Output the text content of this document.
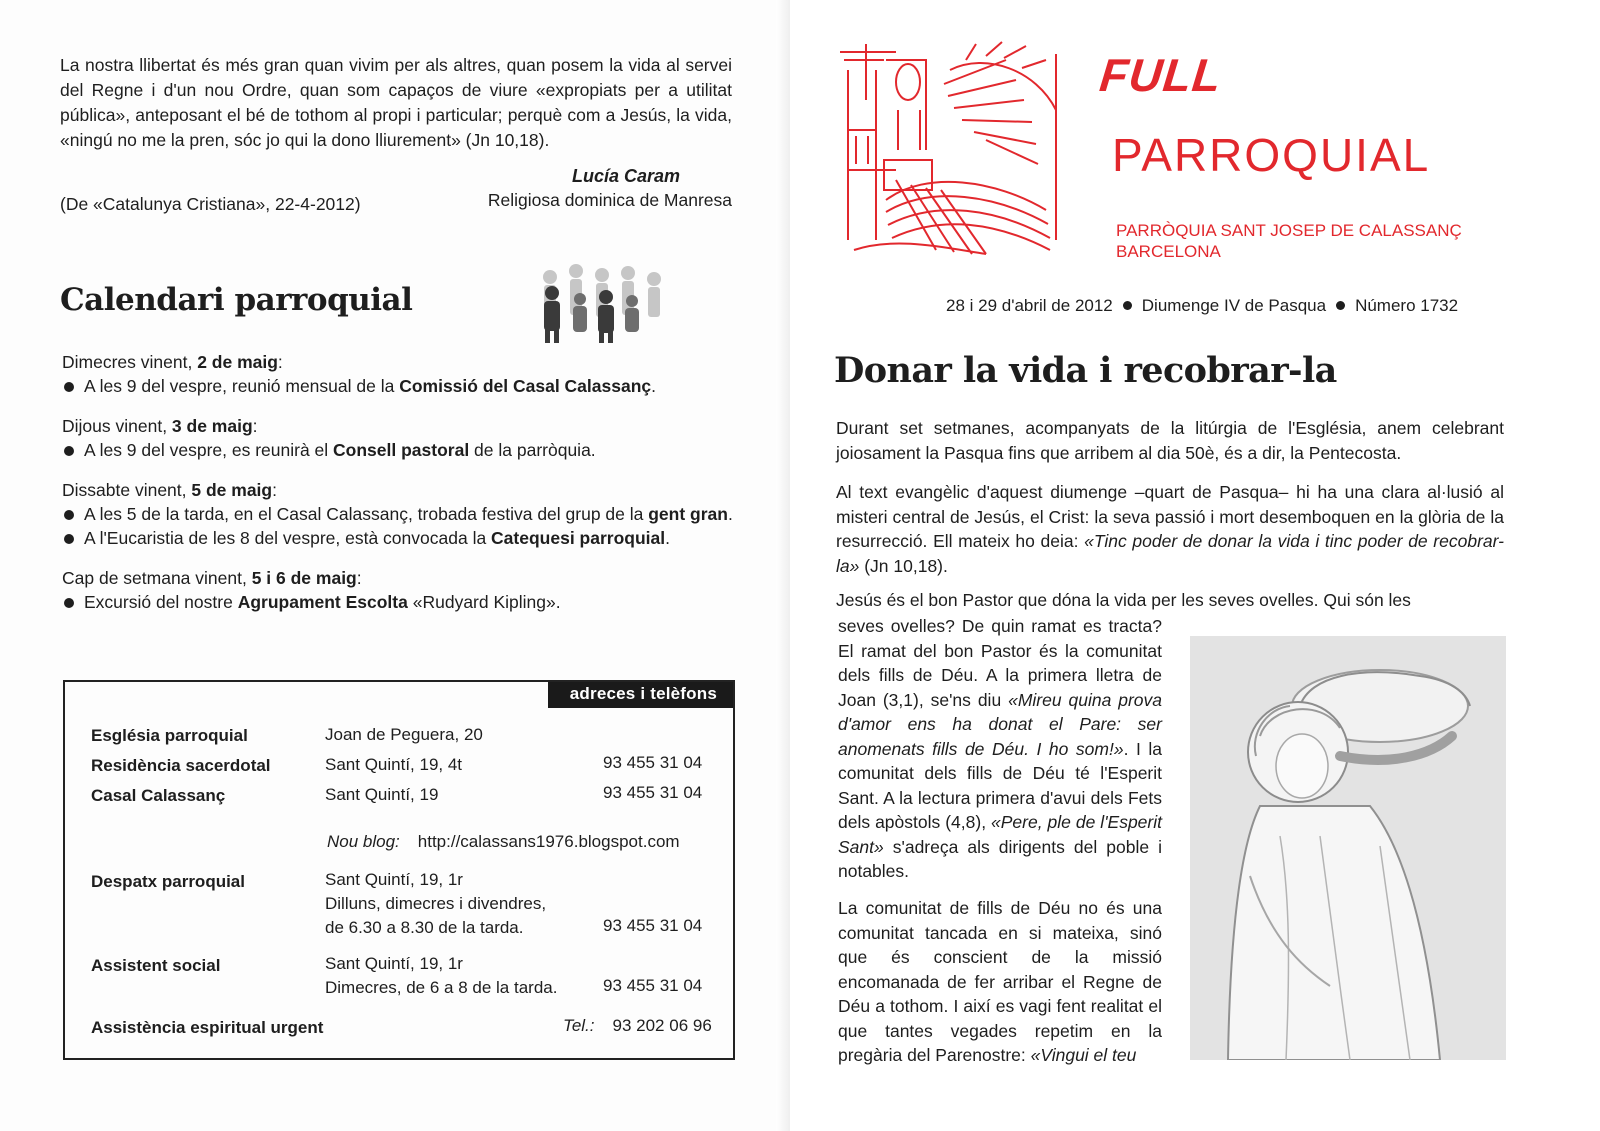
La nostra llibertat és més gran quan vivim per als altres, quan posem la vida al servei del Regne i d'un nou Ordre, quan som capaços de viure «expropiats per a utilitat pública», anteposant el bé de tothom al propi i particular; perquè com a Jesús, la vida, «ningú no me la pren, sóc jo qui la dono lliurement» (Jn 10,18).

Lucía Caram
(De «Catalunya Cristiana», 22-4-2012)	Religiosa dominica de Manresa
Calendari parroquial
Dimecres vinent, 2 de maig:
A les 9 del vespre, reunió mensual de la Comissió del Casal Calassanç.
Dijous vinent, 3 de maig:
A les 9 del vespre, es reunirà el Consell pastoral de la parròquia.
Dissabte vinent, 5 de maig:
A les 5 de la tarda, en el Casal Calassanç, trobada festiva del grup de la gent gran.
A l'Eucaristia de les 8 del vespre, està convocada la Catequesi parroquial.
Cap de setmana vinent, 5 i 6 de maig:
Excursió del nostre Agrupament Escolta «Rudyard Kipling».
adreces i telèfons
Església parroquial	Joan de Peguera, 20
Residència sacerdotal	Sant Quintí, 19, 4t	93 455 31 04
Casal Calassanç	Sant Quintí, 19	93 455 31 04
Nou blog: http://calassans1976.blogspot.com
Despatx parroquial	Sant Quintí, 19, 1r
Dilluns, dimecres i divendres,
de 6.30 a 8.30 de la tarda.	93 455 31 04
Assistent social	Sant Quintí, 19, 1r
Dimecres, de 6 a 8 de la tarda.	93 455 31 04
Assistència espiritual urgent	Tel.: 93 202 06 96
FULL
PARROQUIAL
PARRÒQUIA SANT JOSEP DE CALASSANÇ
BARCELONA
28 i 29 d'abril de 2012 Diumenge IV de Pasqua Número 1732
Donar la vida i recobrar-la

Durant set setmanes, acompanyats de la litúrgia de l'Església, anem celebrant joiosament la Pasqua fins que arribem al dia 50è, és a dir, la Pentecosta.

Al text evangèlic d'aquest diumenge –quart de Pasqua– hi ha una clara al·lusió al misteri central de Jesús, el Crist: la seva passió i mort desemboquen en la glòria de la resurrecció. Ell mateix ho deia: «Tinc poder de donar la vida i tinc poder de recobrar-la» (Jn 10,18).

Jesús és el bon Pastor que dóna la vida per les seves ovelles. Qui són les

seves ovelles? De quin ramat es tracta? El ramat del bon Pastor és la comunitat dels fills de Déu. A la primera lletra de Joan (3,1), se'ns diu «Mireu quina prova d'amor ens ha donat el Pare: ser anomenats fills de Déu. I ho som!». I la comunitat dels fills de Déu té l'Esperit Sant. A la lectura primera d'avui dels Fets dels apòstols (4,8), «Pere, ple de l'Esperit Sant» s'adreça als dirigents del poble i notables.

La comunitat de fills de Déu no és una comunitat tancada en si mateixa, sinó que és conscient de la missió encomanada de fer arribar el Regne de Déu a tothom. I així es vagi fent realitat el que tantes vegades repetim en la pregària del Parenostre: «Vingui el teu
